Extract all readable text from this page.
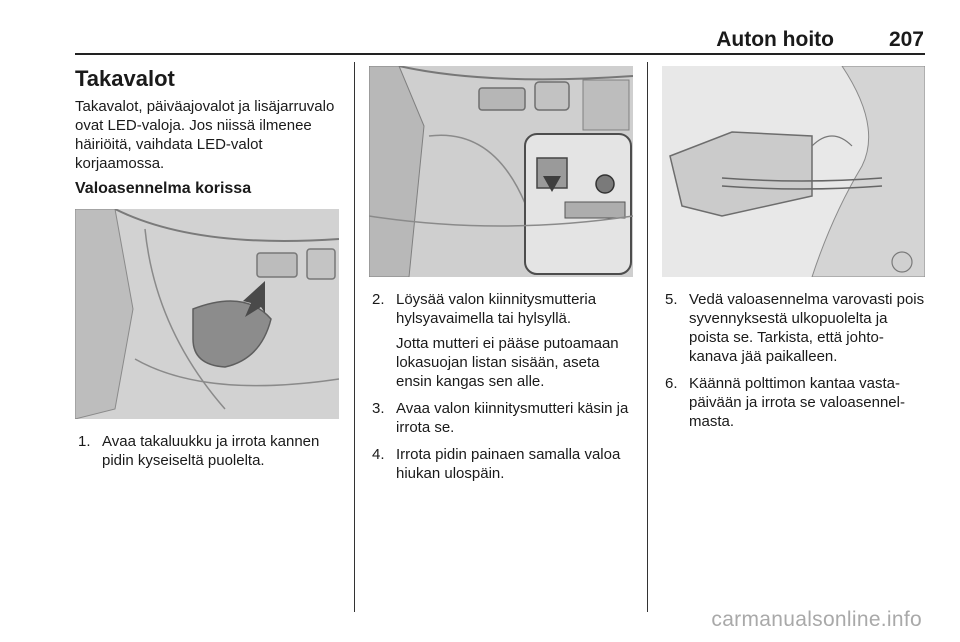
Auton hoito	207
Takavalot
Takavalot, päiväajovalot ja lisäjarruvalo ovat LED-valoja. Jos niissä ilmenee häiriöitä, vaihdata LED-valot korjaamossa.
Valoasennelma korissa
1. Avaa takaluukku ja irrota kannen pidin kyseiseltä puolelta.
2. Löysää valon kiinnitysmutteria hylsyavaimella tai hylsyllä.
Jotta mutteri ei pääse putoamaan lokasuojan listan sisään, aseta ensin kangas sen alle.
3. Avaa valon kiinnitysmutteri käsin ja irrota se.
4. Irrota pidin painaen samalla valoa hiukan ulospäin.
5. Vedä valoasennelma varovasti pois syvennyksestä ulkopuolelta ja poista se. Tarkista, että johtokanava jää paikalleen.
6. Käännä polttimon kantaa vastapäivään ja irrota se valoasennelmasta.
carmanualsonline.info
